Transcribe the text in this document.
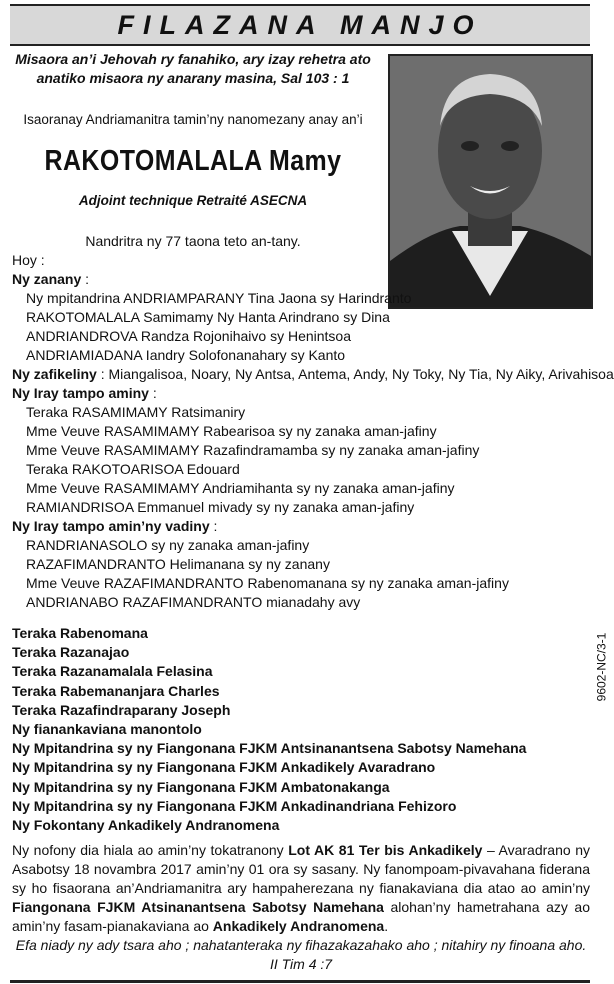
FILAZANA MANJO
Misaora an’i Jehovah ry fanahiko, ary izay rehetra ato
anatiko misaora ny anarany masina, Sal 103 : 1
Isaoranay Andriamanitra tamin’ny nanomezany anay an’i
RAKOTOMALALA Mamy
Adjoint technique Retraité ASECNA
Nandritra ny 77 taona teto an-tany.
Hoy :
Ny zanany :
Ny mpitandrina ANDRIAMPARANY Tina Jaona sy Harindranto
RAKOTOMALALA Samimamy Ny Hanta Arindrano sy Dina
ANDRIANDROVA Randza Rojonihaivo sy Henintsoa
ANDRIAMIADANA Iandry Solofonanahary sy Kanto
Ny zafikeliny : Miangalisoa, Noary, Ny Antsa, Antema, Andy, Ny Toky, Ny Tia, Ny Aiky, Arivahisoa
Ny Iray tampo aminy :
Teraka RASAMIMAMY Ratsimaniry
Mme Veuve RASAMIMAMY Rabearisoa sy ny zanaka aman-jafiny
Mme Veuve RASAMIMAMY Razafindramamba sy ny zanaka aman-jafiny
Teraka RAKOTOARISOA Edouard
Mme Veuve RASAMIMAMY Andriamihanta sy ny zanaka aman-jafiny
RAMIANDRISOA Emmanuel mivady sy ny zanaka aman-jafiny
Ny Iray tampo amin’ny vadiny :
RANDRIANASOLO sy ny zanaka aman-jafiny
RAZAFIMANDRANTO Helimanana sy ny zanany
Mme Veuve RAZAFIMANDRANTO Rabenomanana sy ny zanaka aman-jafiny
ANDRIANABO RAZAFIMANDRANTO mianadahy avy
Teraka Rabenomana
Teraka Razanajao
Teraka Razanamalala Felasina
Teraka Rabemananjara Charles
Teraka Razafindraparany Joseph
Ny fianankaviana manontolo
Ny Mpitandrina sy ny Fiangonana FJKM Antsinanantsena Sabotsy Namehana
Ny Mpitandrina sy ny Fiangonana FJKM Ankadikely Avaradrano
Ny Mpitandrina sy ny Fiangonana FJKM Ambatonakanga
Ny Mpitandrina sy ny Fiangonana FJKM Ankadinandriana Fehizoro
Ny Fokontany Ankadikely Andranomena
9602-NC/3-1
Ny nofony dia hiala ao amin’ny tokatranony Lot AK 81 Ter bis Ankadikely – Avaradrano ny Asabotsy 18 novambra 2017 amin’ny 01 ora sy sasany. Ny fanompoam-pivavahana fiderana sy ho fisaorana an’Andriamanitra ary hampaherezana ny fianakaviana dia atao ao amin’ny Fiangonana FJKM Atsinanantsena Sabotsy Namehana alohan’ny hametrahana azy ao amin’ny fasam-pianakaviana ao Ankadikely Andranomena.
Efa niady ny ady tsara aho ; nahatanteraka ny fihazakazahako aho ; nitahiry ny finoana aho.
II Tim 4 :7
